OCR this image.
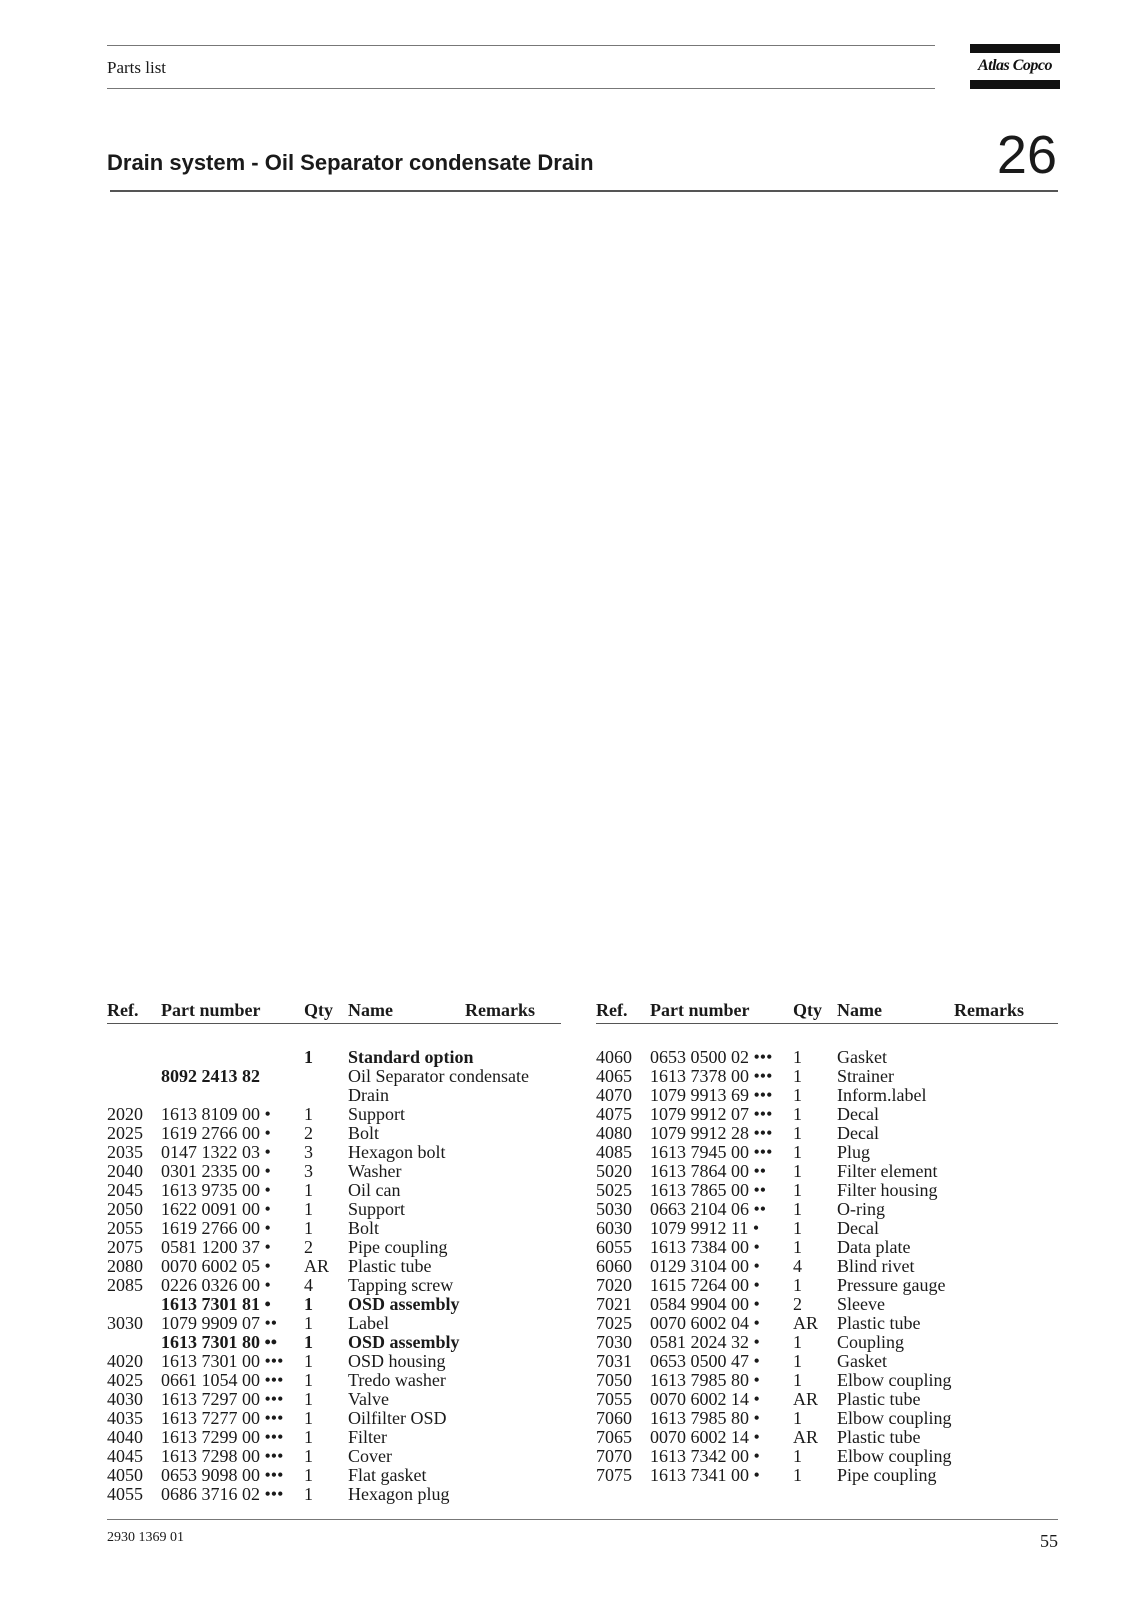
Parts list	Atlas Copco
Drain system - Oil Separator condensate Drain	26
Ref. Part number Qty Name	Remarks
1 Standard option
8092 2413 82	Oil Separator condensate
Drain
2020 1613 8109 00 • 1 Support
2025 1619 2766 00 • 2 Bolt
2035 0147 1322 03 • 3 Hexagon bolt
2040 0301 2335 00 • 3 Washer
2045 1613 9735 00 • 1 Oil can
2050 1622 0091 00 • 1 Support
2055 1619 2766 00 • 1 Bolt
2075 0581 1200 37 • 2 Pipe coupling
2080 0070 6002 05 • AR Plastic tube
2085 0226 0326 00 • 4 Tapping screw
1613 7301 81 • 1 OSD assembly
3030 1079 9909 07 •• 1 Label
1613 7301 80 •• 1 OSD assembly
4020 1613 7301 00 ••• 1 OSD housing
4025 0661 1054 00 ••• 1 Tredo washer
4030 1613 7297 00 ••• 1 Valve
4035 1613 7277 00 ••• 1 Oilfilter OSD
4040 1613 7299 00 ••• 1 Filter
4045 1613 7298 00 ••• 1 Cover
4050 0653 9098 00 ••• 1 Flat gasket
4055 0686 3716 02 ••• 1 Hexagon plug
Ref. Part number Qty Name	Remarks
4060 0653 0500 02 ••• 1 Gasket
4065 1613 7378 00 ••• 1 Strainer
4070 1079 9913 69 ••• 1 Inform.label
4075 1079 9912 07 ••• 1 Decal
4080 1079 9912 28 ••• 1 Decal
4085 1613 7945 00 ••• 1 Plug
5020 1613 7864 00 •• 1 Filter element
5025 1613 7865 00 •• 1 Filter housing
5030 0663 2104 06 •• 1 O-ring
6030 1079 9912 11 • 1 Decal
6055 1613 7384 00 • 1 Data plate
6060 0129 3104 00 • 4 Blind rivet
7020 1615 7264 00 • 1 Pressure gauge
7021 0584 9904 00 • 2 Sleeve
7025 0070 6002 04 • AR Plastic tube
7030 0581 2024 32 • 1 Coupling
7031 0653 0500 47 • 1 Gasket
7050 1613 7985 80 • 1 Elbow coupling
7055 0070 6002 14 • AR Plastic tube
7060 1613 7985 80 • 1 Elbow coupling
7065 0070 6002 14 • AR Plastic tube
7070 1613 7342 00 • 1 Elbow coupling
7075 1613 7341 00 • 1 Pipe coupling
2930 1369 01	55
